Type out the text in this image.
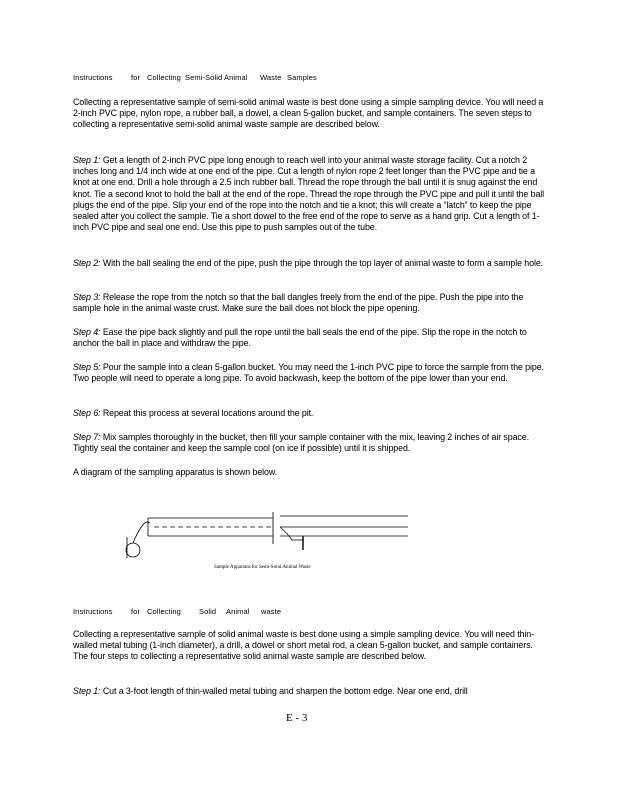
Instructions for Collecting Semi-Solid Animal Waste Samples

Collecting a representative sample of semi-solid animal waste is best done using a simple sampling device. You will need a 2-inch PVC pipe, nylon rope, a rubber ball, a dowel, a clean 5-gallon bucket, and sample containers. The seven steps to collecting a representative semi-solid animal waste sample are described below.

Step 1: Get a length of 2-inch PVC pipe long enough to reach well into your animal waste storage facility. Cut a notch 2 inches long and 1/4 inch wide at one end of the pipe. Cut a length of nylon rope 2 feet longer than the PVC pipe and tie a knot at one end. Drill a hole through a 2.5 inch rubber ball. Thread the rope through the ball until it is snug against the end knot. Tie a second knot to hold the ball at the end of the rope. Thread the rope through the PVC pipe and pull it until the ball plugs the end of the pipe. Slip your end of the rope into the notch and tie a knot; this will create a “latch” to keep the pipe sealed after you collect the sample. Tie a short dowel to the free end of the rope to serve as a hand grip. Cut a length of 1-inch PVC pipe and seal one end. Use this pipe to push samples out of the tube.

Step 2: With the ball sealing the end of the pipe, push the pipe through the top layer of animal waste to form a sample hole.

Step 3: Release the rope from the notch so that the ball dangles freely from the end of the pipe. Push the pipe into the sample hole in the animal waste crust. Make sure the ball does not block the pipe opening.

Step 4: Ease the pipe back slightly and pull the rope until the ball seals the end of the pipe. Slip the rope in the notch to anchor the ball in place and withdraw the pipe.

Step 5: Pour the sample into a clean 5-gallon bucket. You may need the 1-inch PVC pipe to force the sample from the pipe. Two people will need to operate a long pipe. To avoid backwash, keep the bottom of the pipe lower than your end.

Step 6: Repeat this process at several locations around the pit.

Step 7: Mix samples thoroughly in the bucket, then fill your sample container with the mix, leaving 2 inches of air space. Tightly seal the container and keep the sample cool (on ice if possible) until it is shipped.

A diagram of the sampling apparatus is shown below.

Sample Apparatus for Semi-Solid Animal Waste
Instructions for Collecting Solid Animal waste

Collecting a representative sample of solid animal waste is best done using a simple sampling device. You will need thin-walled metal tubing (1-inch diameter), a drill, a dowel or short metal rod, a clean 5-gallon bucket, and sample containers. The four steps to collecting a representative solid animal waste sample are described below.

Step 1: Cut a 3-foot length of thin-walled metal tubing and sharpen the bottom edge. Near one end, drill

E - 3
